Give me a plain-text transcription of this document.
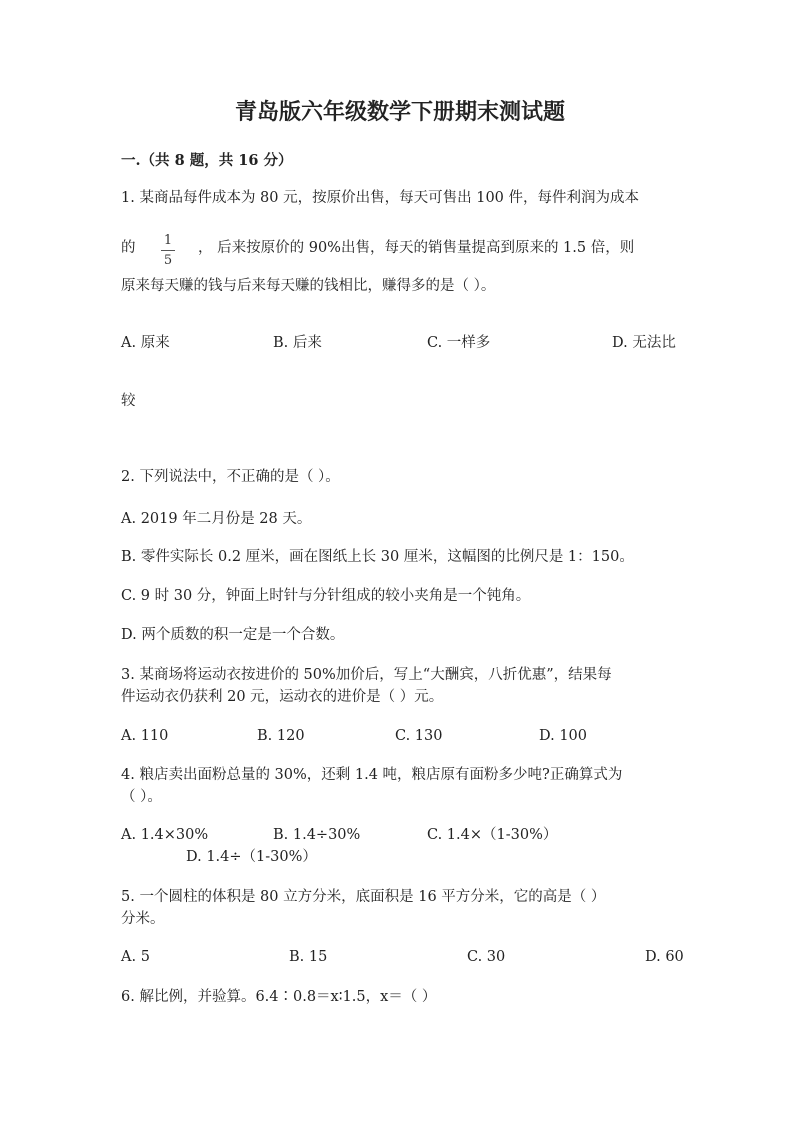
青岛版六年级数学下册期末测试题
一.（共 8 题，共 16 分）
1. 某商品每件成本为 80 元，按原价出售，每天可售出 100 件，每件利润为成本
的 1
5
， 后来按原价的 90%出售，每天的销售量提高到原来的 1.5 倍，则
原来每天赚的钱与后来每天赚的钱相比，赚得多的是（ ）。
A. 原来	B. 后来	C. 一样多	D. 无法比
较
2. 下列说法中，不正确的是（ ）。
A. 2019 年二月份是 28 天。
B. 零件实际长 0.2 厘米，画在图纸上长 30 厘米，这幅图的比例尺是 1：150。
C. 9 时 30 分，钟面上时针与分针组成的较小夹角是一个钝角。
D. 两个质数的积一定是一个合数。
3. 某商场将运动衣按进价的 50%加价后，写上“大酬宾，八折优惠”，结果每
件运动衣仍获利 20 元，运动衣的进价是（ ）元。
A. 110	B. 120	C. 130	D. 100
4. 粮店卖出面粉总量的 30%，还剩 1.4 吨，粮店原有面粉多少吨?正确算式为
（ ）。
A. 1.4×30%	B. 1.4÷30%	C. 1.4×（1-30%）
D. 1.4÷（1-30%）
5. 一个圆柱的体积是 80 立方分米，底面积是 16 平方分米，它的高是（ ）
分米。
A. 5	B. 15	C. 30	D. 60
6. 解比例，并验算。6.4∶0.8＝x∶1.5，x＝（ ）
